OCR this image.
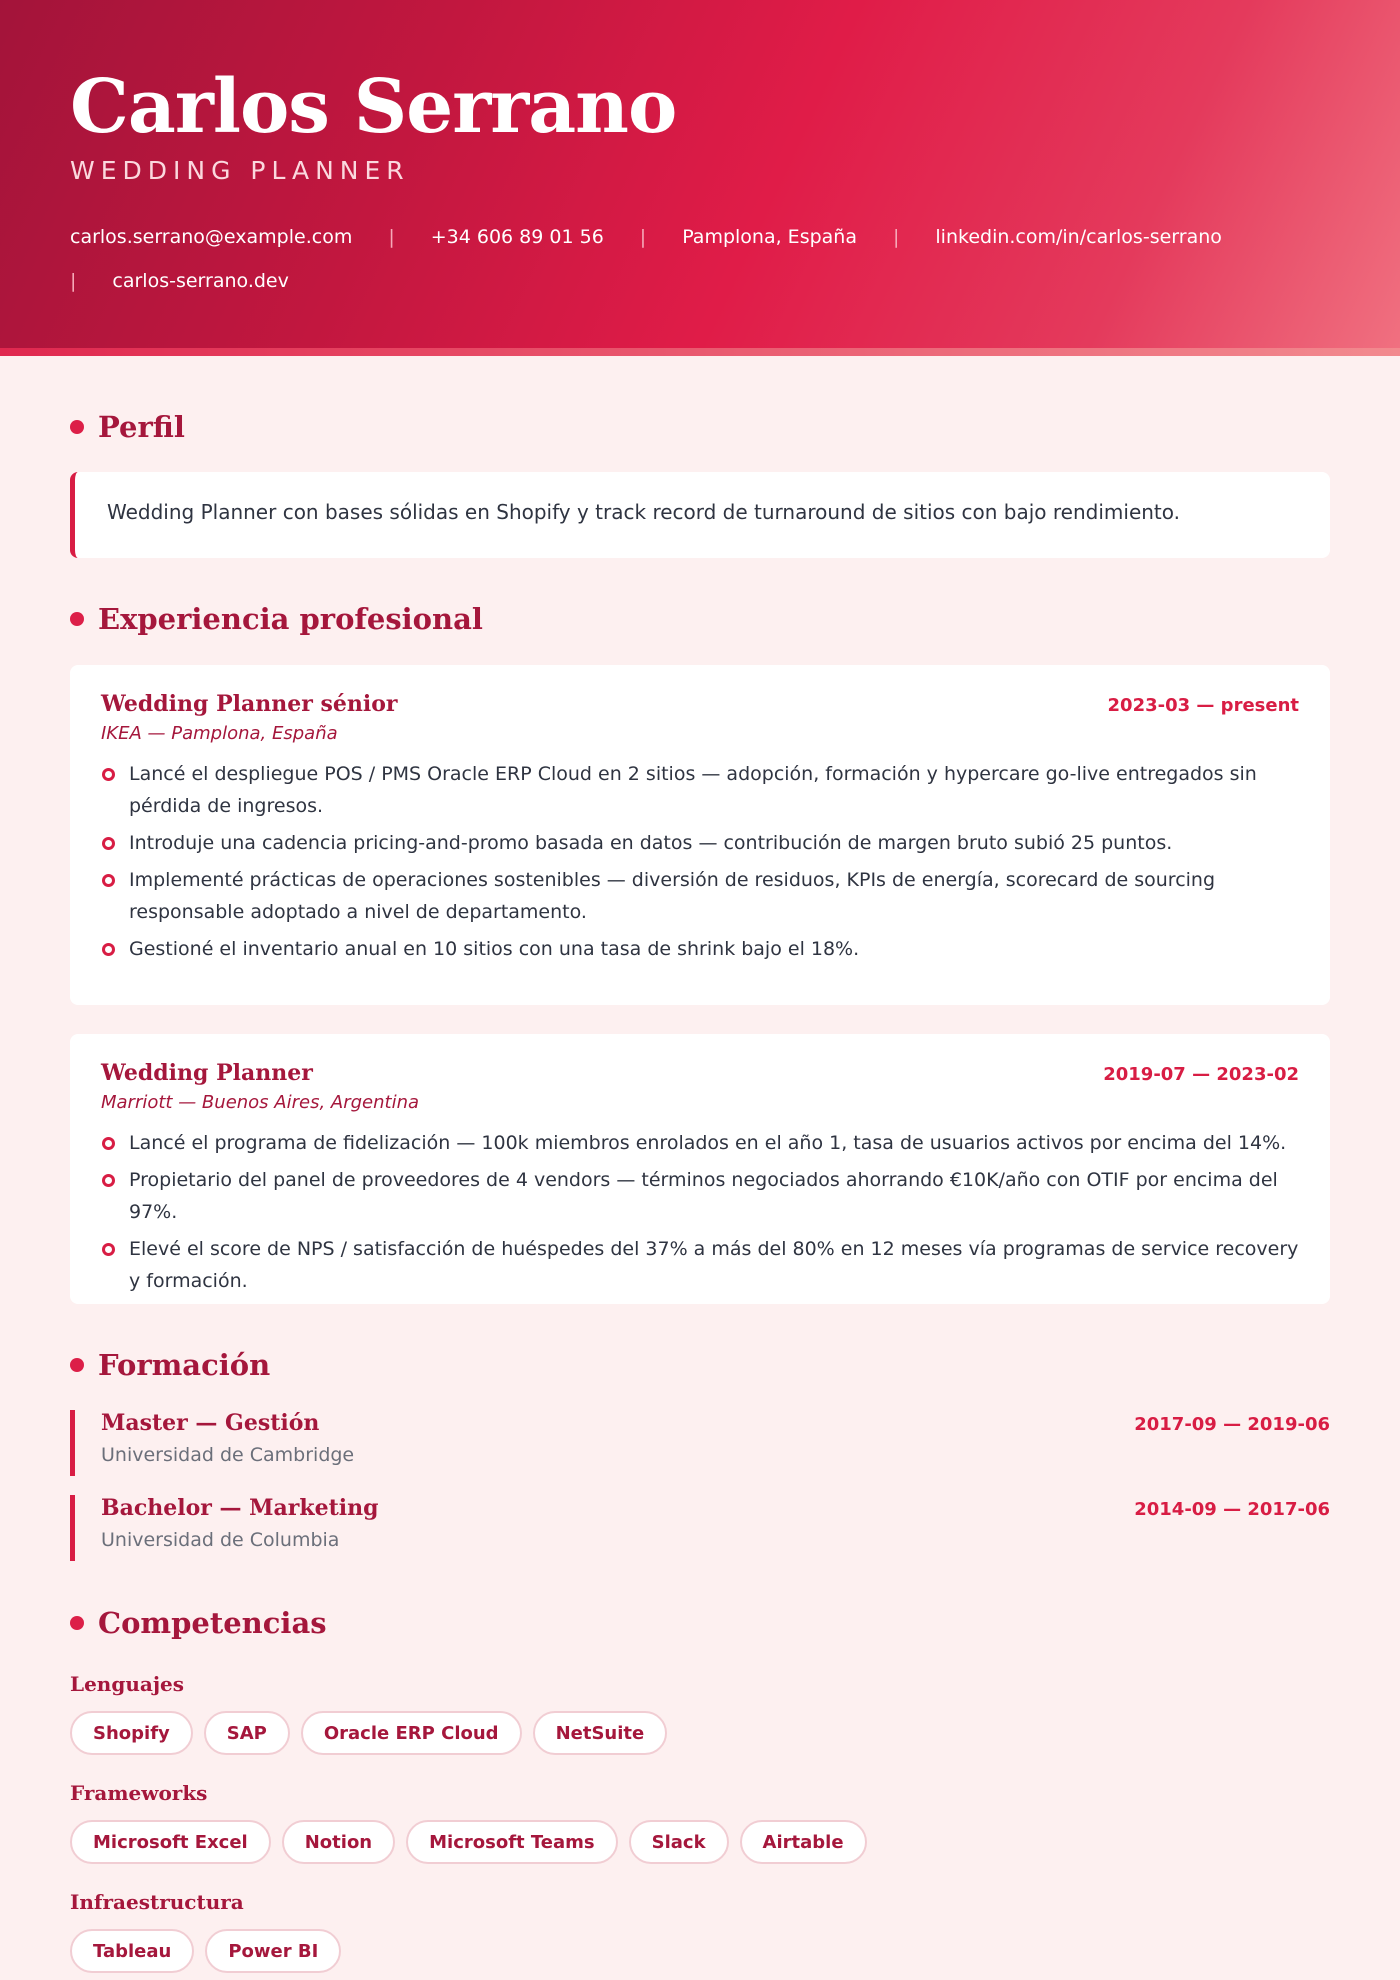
Carlos Serrano
WEDDING PLANNER
carlos.serrano@example.com | +34 606 89 01 56 | Pamplona, España | linkedin.com/in/carlos-serrano
| carlos-serrano.dev
Perfil
Wedding Planner con bases sólidas en Shopify y track record de turnaround de sitios con bajo rendimiento.
Experiencia profesional
Wedding Planner sénior	2023-03 — present
IKEA — Pamplona, España
Lancé el despliegue POS / PMS Oracle ERP Cloud en 2 sitios — adopción, formación y hypercare go-live entregados sin pérdida de ingresos.
Introduje una cadencia pricing-and-promo basada en datos — contribución de margen bruto subió 25 puntos.
Implementé prácticas de operaciones sostenibles — diversión de residuos, KPIs de energía, scorecard de sourcing responsable adoptado a nivel de departamento.
Gestioné el inventario anual en 10 sitios con una tasa de shrink bajo el 18%.
Wedding Planner	2019-07 — 2023-02
Marriott — Buenos Aires, Argentina
Lancé el programa de fidelización — 100k miembros enrolados en el año 1, tasa de usuarios activos por encima del 14%.
Propietario del panel de proveedores de 4 vendors — términos negociados ahorrando €10K/año con OTIF por encima del 97%.
Elevé el score de NPS / satisfacción de huéspedes del 37% a más del 80% en 12 meses vía programas de service recovery y formación.
Formación
Master — Gestión	2017-09 — 2019-06
Universidad de Cambridge
Bachelor — Marketing	2014-09 — 2017-06
Universidad de Columbia
Competencias
Lenguajes
Shopify	SAP	Oracle ERP Cloud	NetSuite
Frameworks
Microsoft Excel	Notion	Microsoft Teams	Slack	Airtable
Infraestructura
Tableau	Power BI
